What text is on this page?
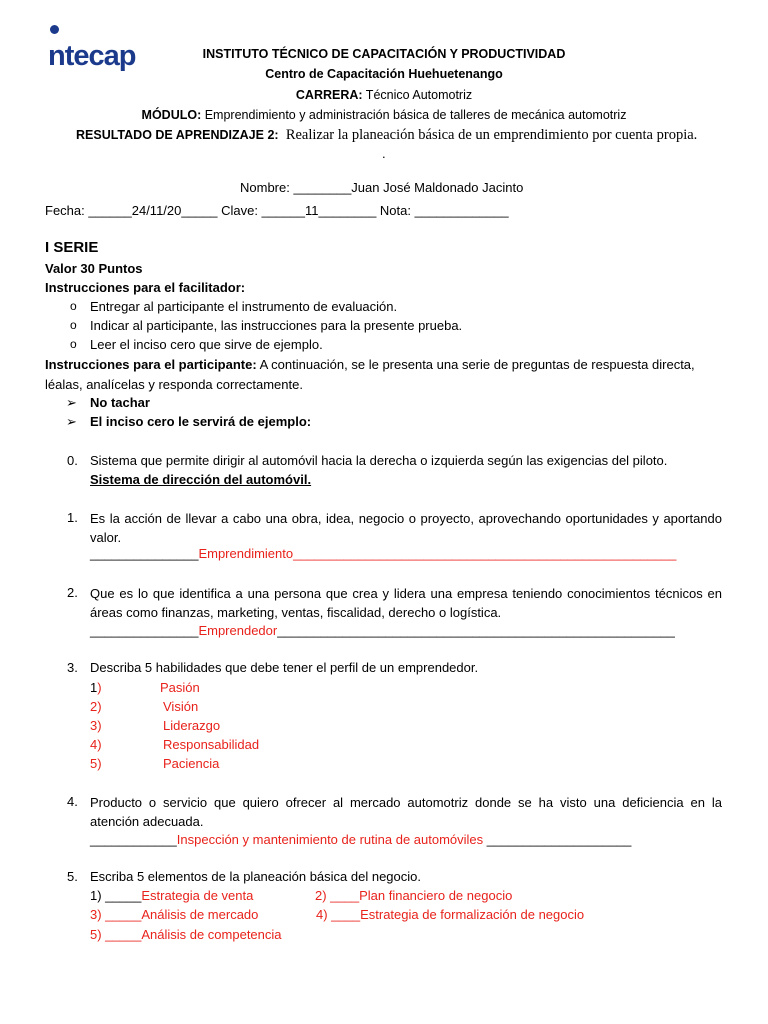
ntecap	INSTITUTO TÉCNICO DE CAPACITACIÓN Y PRODUCTIVIDAD
Centro de Capacitación Huehuetenango
CARRERA: Técnico Automotriz
MÓDULO: Emprendimiento y administración básica de talleres de mecánica automotriz
RESULTADO DE APRENDIZAJE 2: Realizar la planeación básica de un emprendimiento por cuenta propia.
.
Nombre: ________Juan José Maldonado Jacinto
Fecha: ______24/11/20_____ Clave: ______11________ Nota: _____________
I SERIE
Valor 30 Puntos
Instrucciones para el facilitador:
o Entregar al participante el instrumento de evaluación.
o Indicar al participante, las instrucciones para la presente prueba.
o Leer el inciso cero que sirve de ejemplo.
Instrucciones para el participante: A continuación, se le presenta una serie de preguntas de respuesta directa,
léalas, analícelas y responda correctamente.
➢ No tachar
➢ El inciso cero le servirá de ejemplo:
0. Sistema que permite dirigir al automóvil hacia la derecha o izquierda según las exigencias del piloto.
Sistema de dirección del automóvil.
1. Es la acción de llevar a cabo una obra, idea, negocio o proyecto, aprovechando oportunidades y aportando valor.
_______________Emprendimiento_____________________________________________________
2. Que es lo que identifica a una persona que crea y lidera una empresa teniendo conocimientos técnicos en áreas como finanzas, marketing, ventas, fiscalidad, derecho o logística.
_______________Emprendedor_______________________________________________________
3. Describa 5 habilidades que debe tener el perfil de un emprendedor.
1)	Pasión
2)	Visión
3)	Liderazgo
4)	Responsabilidad
5)	Paciencia
4. Producto o servicio que quiero ofrecer al mercado automotriz donde se ha visto una deficiencia en la atención adecuada.
____________Inspección y mantenimiento de rutina de automóviles ____________________
5. Escriba 5 elementos de la planeación básica del negocio.
1) _____Estrategia de venta	2) ____Plan financiero de negocio
3) _____Análisis de mercado	4) ____Estrategia de formalización de negocio
5) _____Análisis de competencia
